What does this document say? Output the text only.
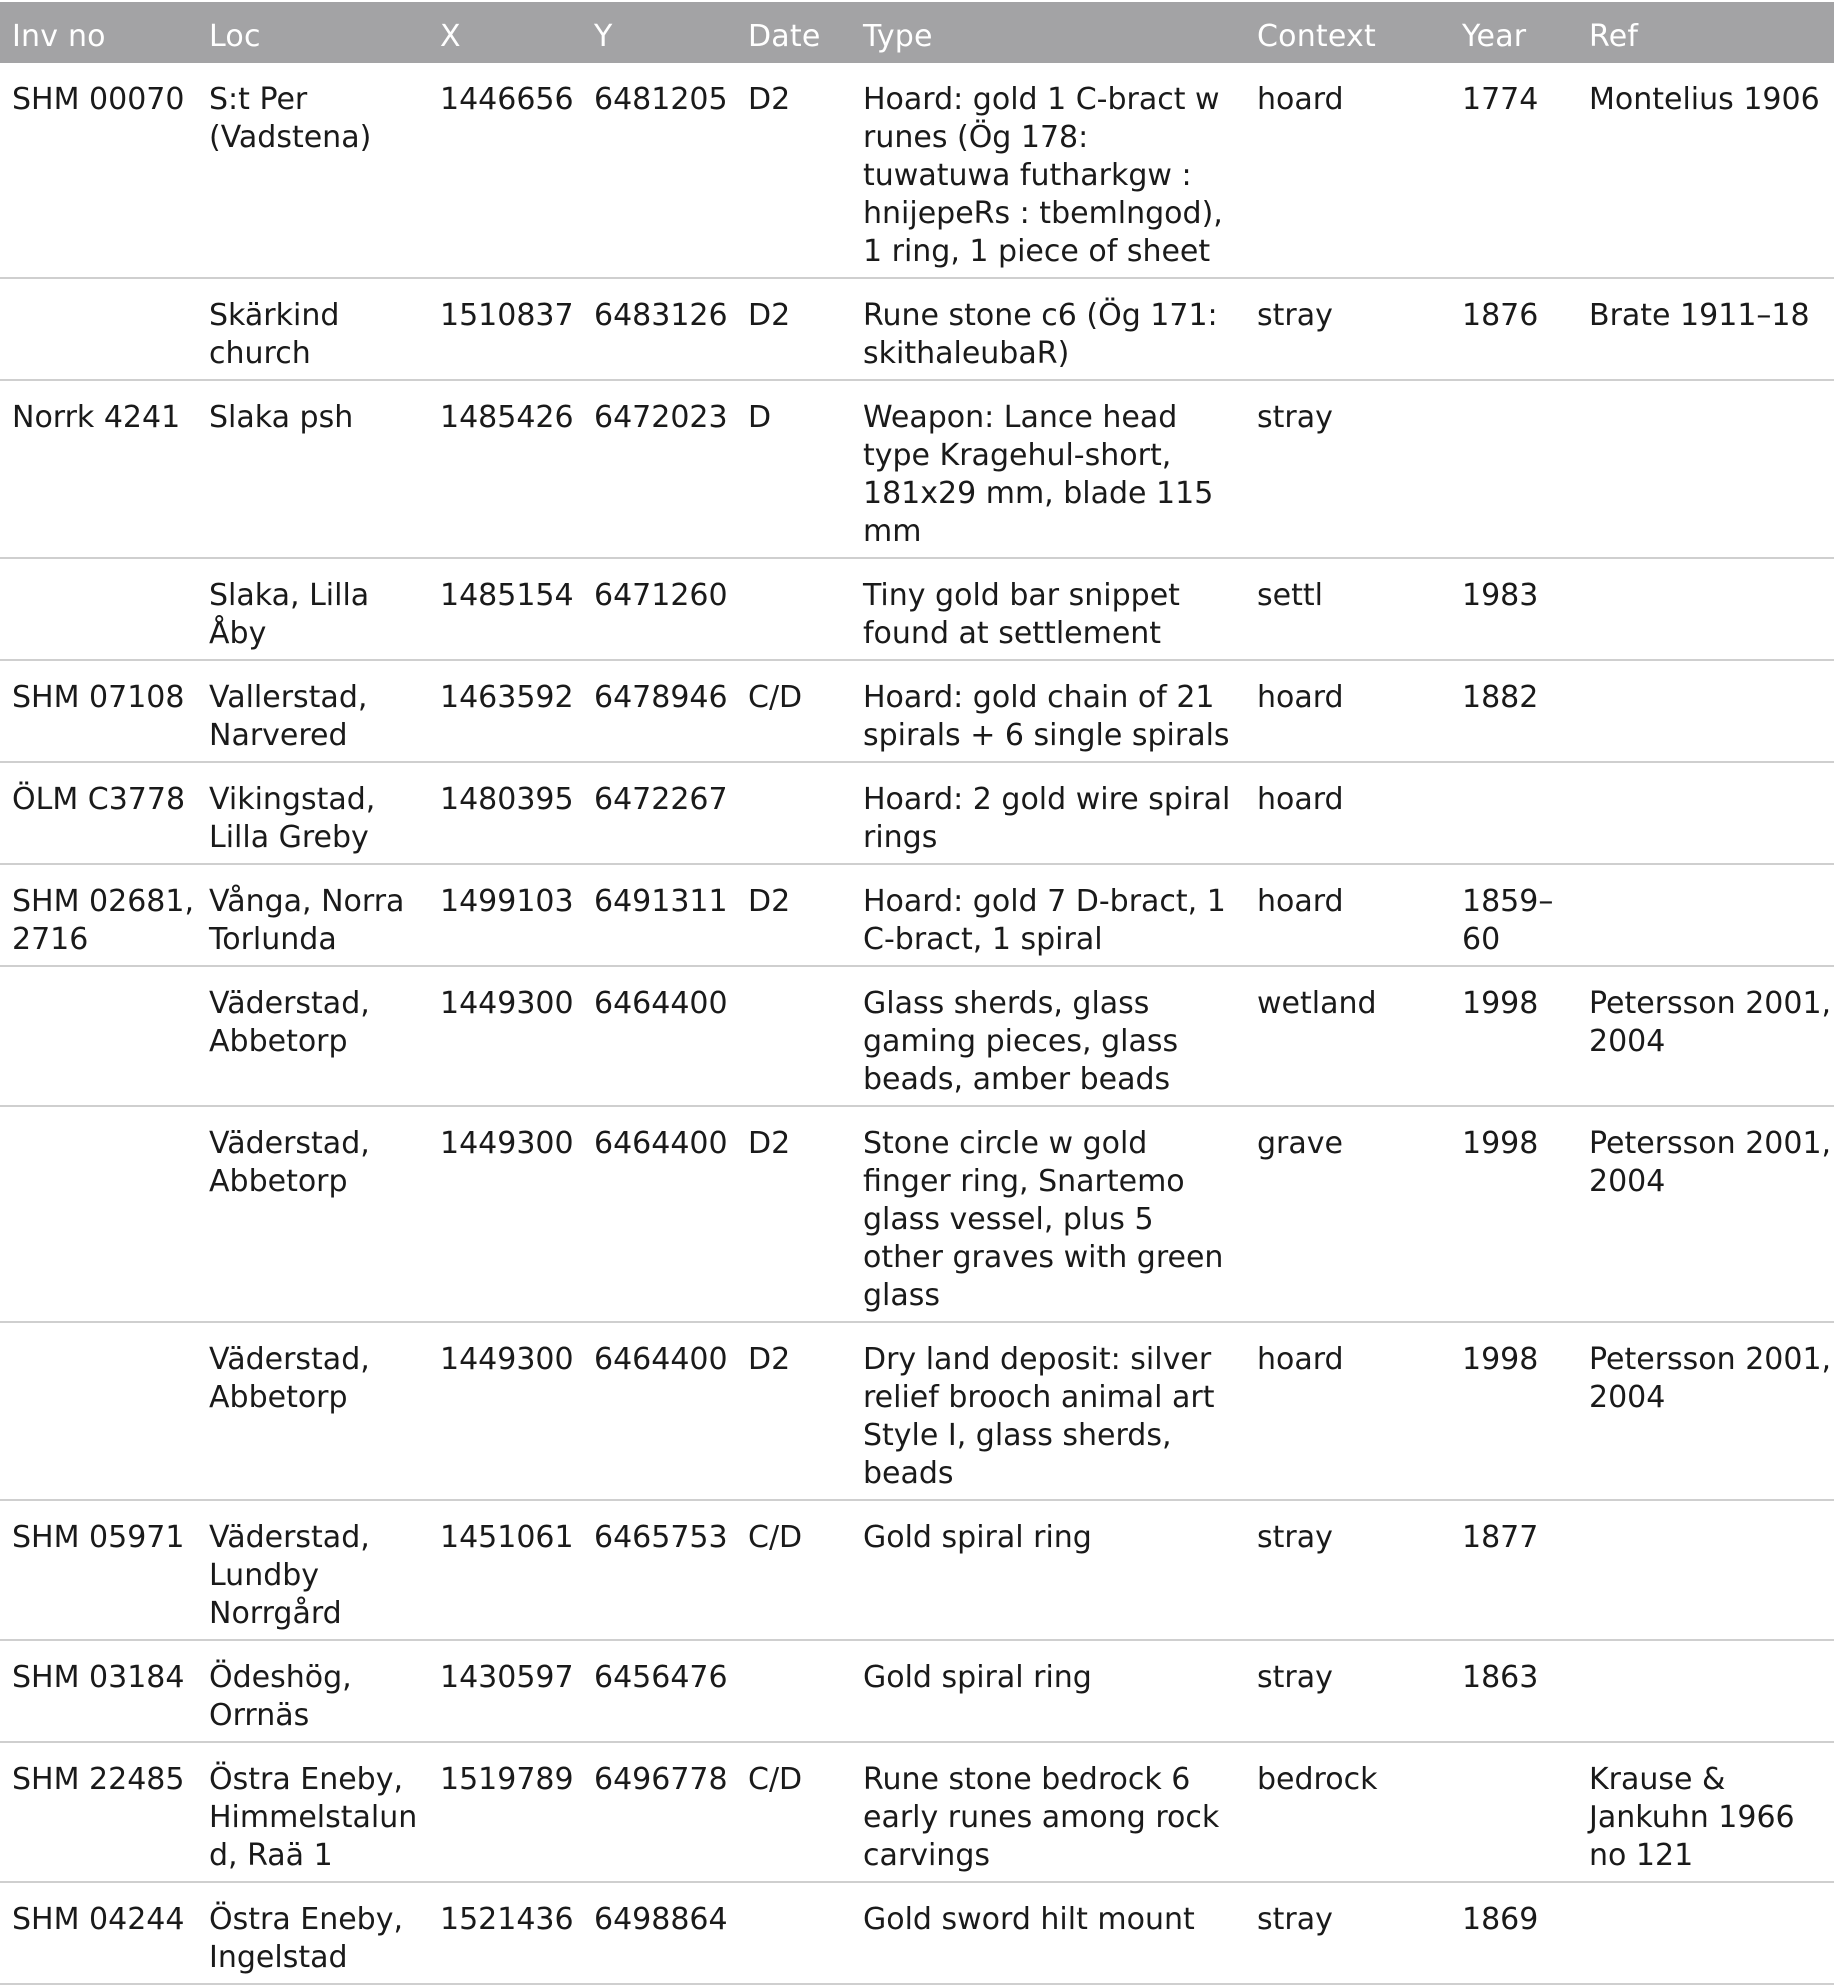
Inv no	Loc	X	Y	Date	Type	Context	Year	Ref
SHM 00070	S:t Per (Vadstena)	1446656	6481205	D2	Hoard: gold 1 C-bract w runes (Ög 178: tuwatuwa futharkgw : hnijepeRs : tbemlngod), 1 ring, 1 piece of sheet	hoard	1774	Montelius 1906
	Skärkind church	1510837	6483126	D2	Rune stone c6 (Ög 171: skithaleubaR)	stray	1876	Brate 1911–18
Norrk 4241	Slaka psh	1485426	6472023	D	Weapon: Lance head type Kragehul-short, 181x29 mm, blade 115 mm	stray		
	Slaka, Lilla Åby	1485154	6471260		Tiny gold bar snippet found at settlement	settl	1983	
SHM 07108	Vallerstad, Narvered	1463592	6478946	C/D	Hoard: gold chain of 21 spirals + 6 single spirals	hoard	1882	
ÖLM C3778	Vikingstad, Lilla Greby	1480395	6472267		Hoard: 2 gold wire spiral rings	hoard		
SHM 02681, 2716	Vånga, Norra Torlunda	1499103	6491311	D2	Hoard: gold 7 D-bract, 1 C-bract, 1 spiral	hoard	1859–60	
	Väderstad, Abbetorp	1449300	6464400		Glass sherds, glass gaming pieces, glass beads, amber beads	wetland	1998	Petersson 2001, 2004
	Väderstad, Abbetorp	1449300	6464400	D2	Stone circle w gold finger ring, Snartemo glass vessel, plus 5 other graves with green glass	grave	1998	Petersson 2001, 2004
	Väderstad, Abbetorp	1449300	6464400	D2	Dry land deposit: silver relief brooch animal art Style I, glass sherds, beads	hoard	1998	Petersson 2001, 2004
SHM 05971	Väderstad, Lundby Norrgård	1451061	6465753	C/D	Gold spiral ring	stray	1877	
SHM 03184	Ödeshög, Orrnäs	1430597	6456476		Gold spiral ring	stray	1863	
SHM 22485	Östra Eneby, Himmelstalund, Raä 1	1519789	6496778	C/D	Rune stone bedrock 6 early runes among rock carvings	bedrock		Krause & Jankuhn 1966 no 121
SHM 04244	Östra Eneby, Ingelstad	1521436	6498864		Gold sword hilt mount	stray	1869	
